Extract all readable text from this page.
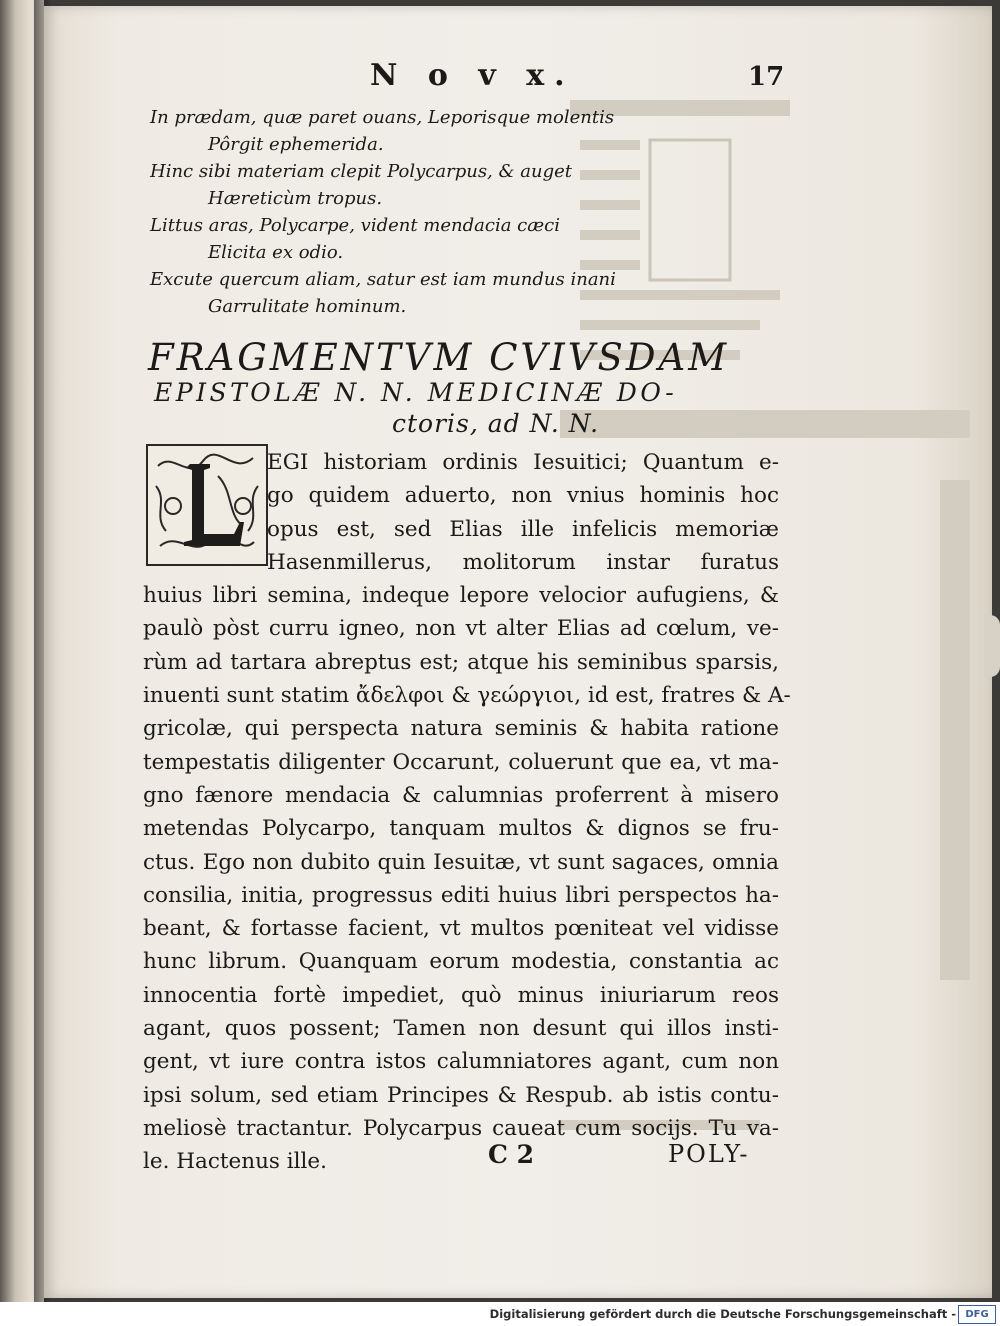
N o v x.	17
In prædam, quæ paret ouans, Leporisque molentis
Pôrgit ephemerida.
Hinc sibi materiam clepit Polycarpus, & auget
Hæreticùm tropus.
Littus aras, Polycarpe, vident mendacia cæci
Elicita ex odio.
Excute quercum aliam, satur est iam mundus inani
Garrulitate hominum.
FRAGMENTVM CVIVSDAM
EPISTOLÆ N. N. MEDICINÆ DO-
ctoris, ad N. N.
EGI historiam ordinis Iesuitici; Quantum e-
go quidem aduerto, non vnius hominis hoc
opus est, sed Elias ille infelicis memoriæ
Hasenmillerus, molitorum instar furatus
huius libri semina, indeque lepore velocior aufugiens, &
paulò pòst curru igneo, non vt alter Elias ad cœlum, ve-
rùm ad tartara abreptus est; atque his seminibus sparsis,
inuenti sunt statim ἄδελφοι & γεώργιοι, id est, fratres & A-
gricolæ, qui perspecta natura seminis & habita ratione
tempestatis diligenter Occarunt, coluerunt que ea, vt ma-
gno fænore mendacia & calumnias proferrent à misero
metendas Polycarpo, tanquam multos & dignos se fru-
ctus. Ego non dubito quin Iesuitæ, vt sunt sagaces, omnia
consilia, initia, progressus editi huius libri perspectos ha-
beant, & fortasse facient, vt multos pœniteat vel vidisse
hunc librum. Quanquam eorum modestia, constantia ac
innocentia fortè impediet, quò minus iniuriarum reos
agant, quos possent; Tamen non desunt qui illos insti-
gent, vt iure contra istos calumniatores agant, cum non
ipsi solum, sed etiam Principes & Respub. ab istis contu-
meliosè tractantur. Polycarpus caueat cum socijs. Tu va-
le. Hactenus ille.	C 2	POLY-
Digitalisierung gefördert durch die Deutsche Forschungsgemeinschaft - DFG
